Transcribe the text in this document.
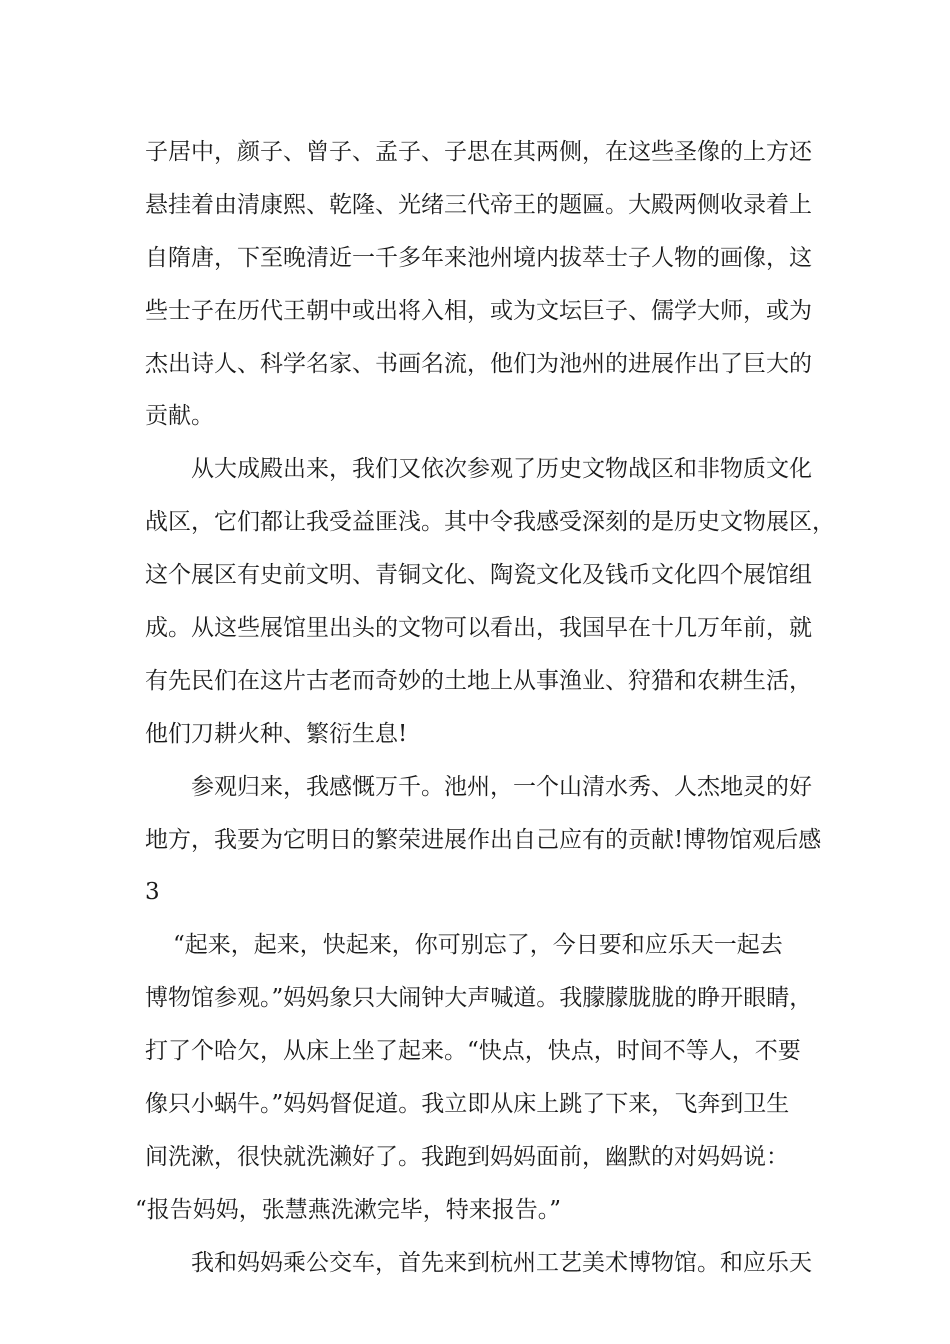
子居中，颜子、曾子、孟子、子思在其两侧，在这些圣像的上方还
悬挂着由清康熙、乾隆、光绪三代帝王的题匾。大殿两侧收录着上
自隋唐，下至晚清近一千多年来池州境内拔萃士子人物的画像，这
些士子在历代王朝中或出将入相，或为文坛巨子、儒学大师，或为
杰出诗人、科学名家、书画名流，他们为池州的进展作出了巨大的
贡献。
从大成殿出来，我们又依次参观了历史文物战区和非物质文化
战区，它们都让我受益匪浅。其中令我感受深刻的是历史文物展区，
这个展区有史前文明、青铜文化、陶瓷文化及钱币文化四个展馆组
成。从这些展馆里出头的文物可以看出，我国早在十几万年前，就
有先民们在这片古老而奇妙的土地上从事渔业、狩猎和农耕生活，
他们刀耕火种、繁衍生息!
参观归来，我感慨万千。池州，一个山清水秀、人杰地灵的好
地方，我要为它明日的繁荣进展作出自己应有的贡献!博物馆观后感
3
“起来，起来，快起来，你可别忘了，今日要和应乐天一起去
博物馆参观。”妈妈象只大闹钟大声喊道。我朦朦胧胧的睁开眼睛，
打了个哈欠，从床上坐了起来。“快点，快点，时间不等人，不要
像只小蜗牛。”妈妈督促道。我立即从床上跳了下来，飞奔到卫生
间洗漱，很快就洗濑好了。我跑到妈妈面前，幽默的对妈妈说：
“报告妈妈，张慧燕洗漱完毕，特来报告。”
我和妈妈乘公交车，首先来到杭州工艺美术博物馆。和应乐天
